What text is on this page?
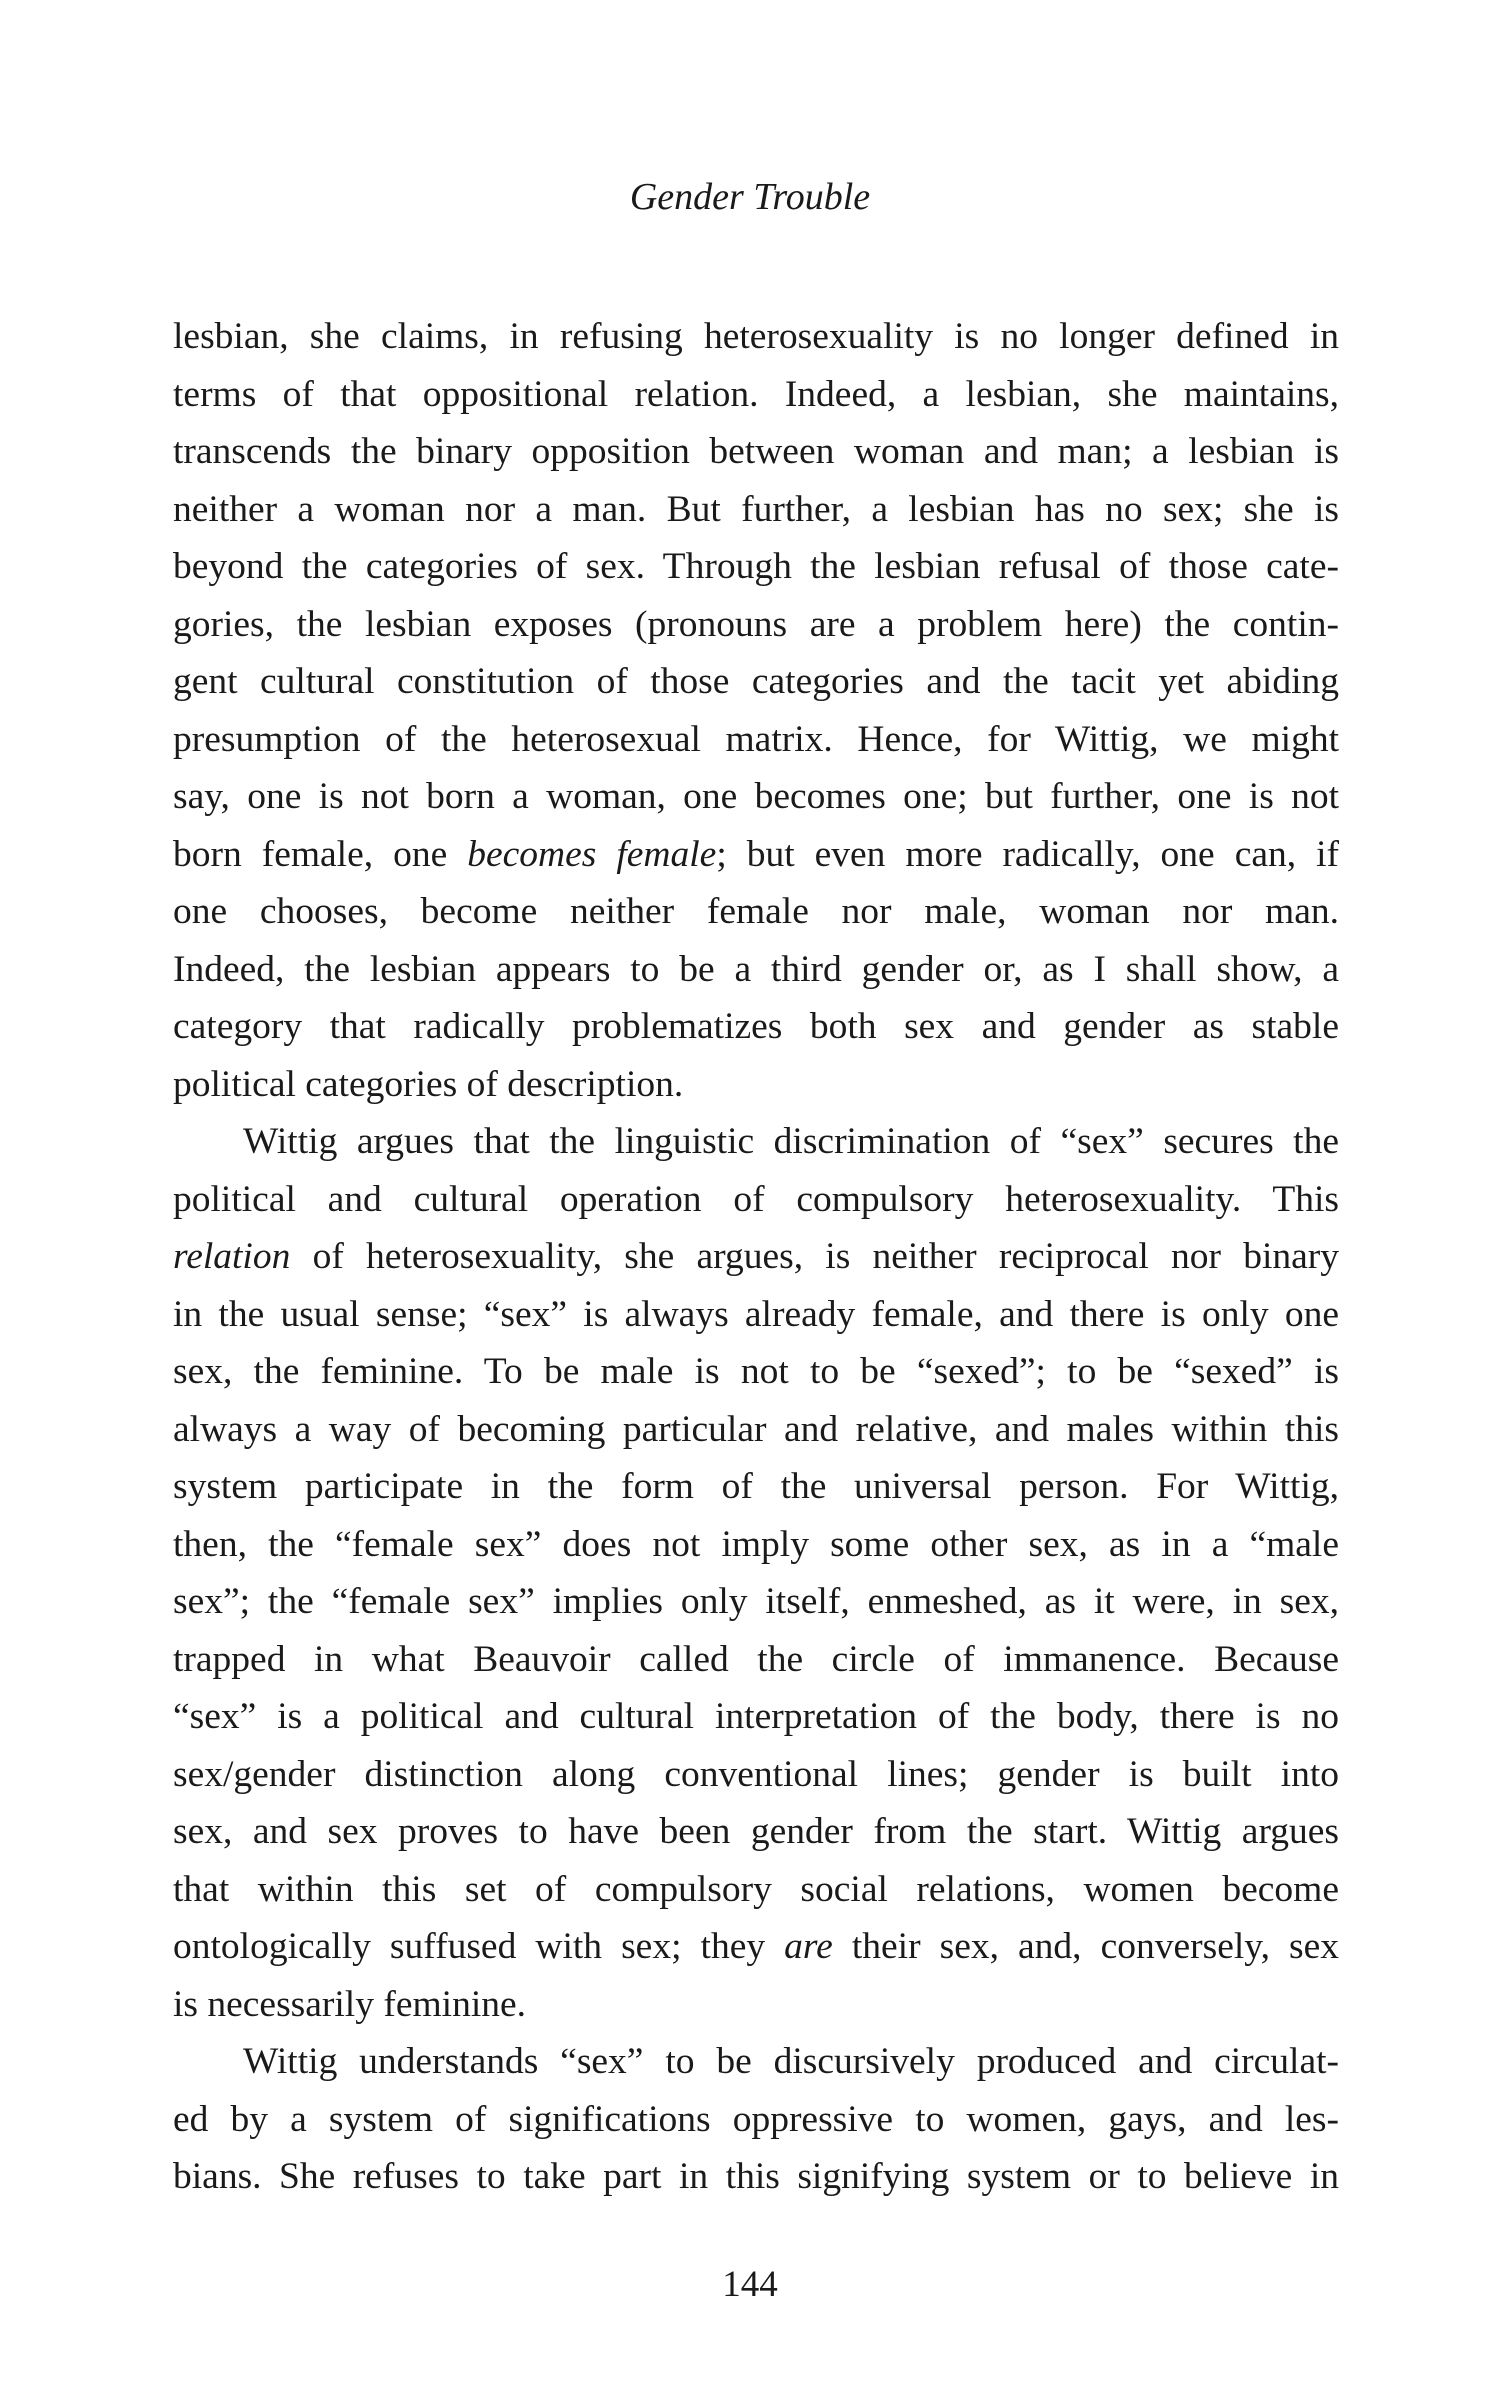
Gender Trouble
lesbian, she claims, in refusing heterosexuality is no longer defined in
terms of that oppositional relation. Indeed, a lesbian, she maintains,
transcends the binary opposition between woman and man; a lesbian is
neither a woman nor a man. But further, a lesbian has no sex; she is
beyond the categories of sex. Through the lesbian refusal of those cate-
gories, the lesbian exposes (pronouns are a problem here) the contin-
gent cultural constitution of those categories and the tacit yet abiding
presumption of the heterosexual matrix. Hence, for Wittig, we might
say, one is not born a woman, one becomes one; but further, one is not
born female, one becomes female; but even more radically, one can, if
one chooses, become neither female nor male, woman nor man.
Indeed, the lesbian appears to be a third gender or, as I shall show, a
category that radically problematizes both sex and gender as stable
political categories of description.
Wittig argues that the linguistic discrimination of “sex” secures the
political and cultural operation of compulsory heterosexuality. This
relation of heterosexuality, she argues, is neither reciprocal nor binary
in the usual sense; “sex” is always already female, and there is only one
sex, the feminine. To be male is not to be “sexed”; to be “sexed” is
always a way of becoming particular and relative, and males within this
system participate in the form of the universal person. For Wittig,
then, the “female sex” does not imply some other sex, as in a “male
sex”; the “female sex” implies only itself, enmeshed, as it were, in sex,
trapped in what Beauvoir called the circle of immanence. Because
“sex” is a political and cultural interpretation of the body, there is no
sex/gender distinction along conventional lines; gender is built into
sex, and sex proves to have been gender from the start. Wittig argues
that within this set of compulsory social relations, women become
ontologically suffused with sex; they are their sex, and, conversely, sex
is necessarily feminine.
Wittig understands “sex” to be discursively produced and circulat-
ed by a system of significations oppressive to women, gays, and les-
bians. She refuses to take part in this signifying system or to believe in
144
